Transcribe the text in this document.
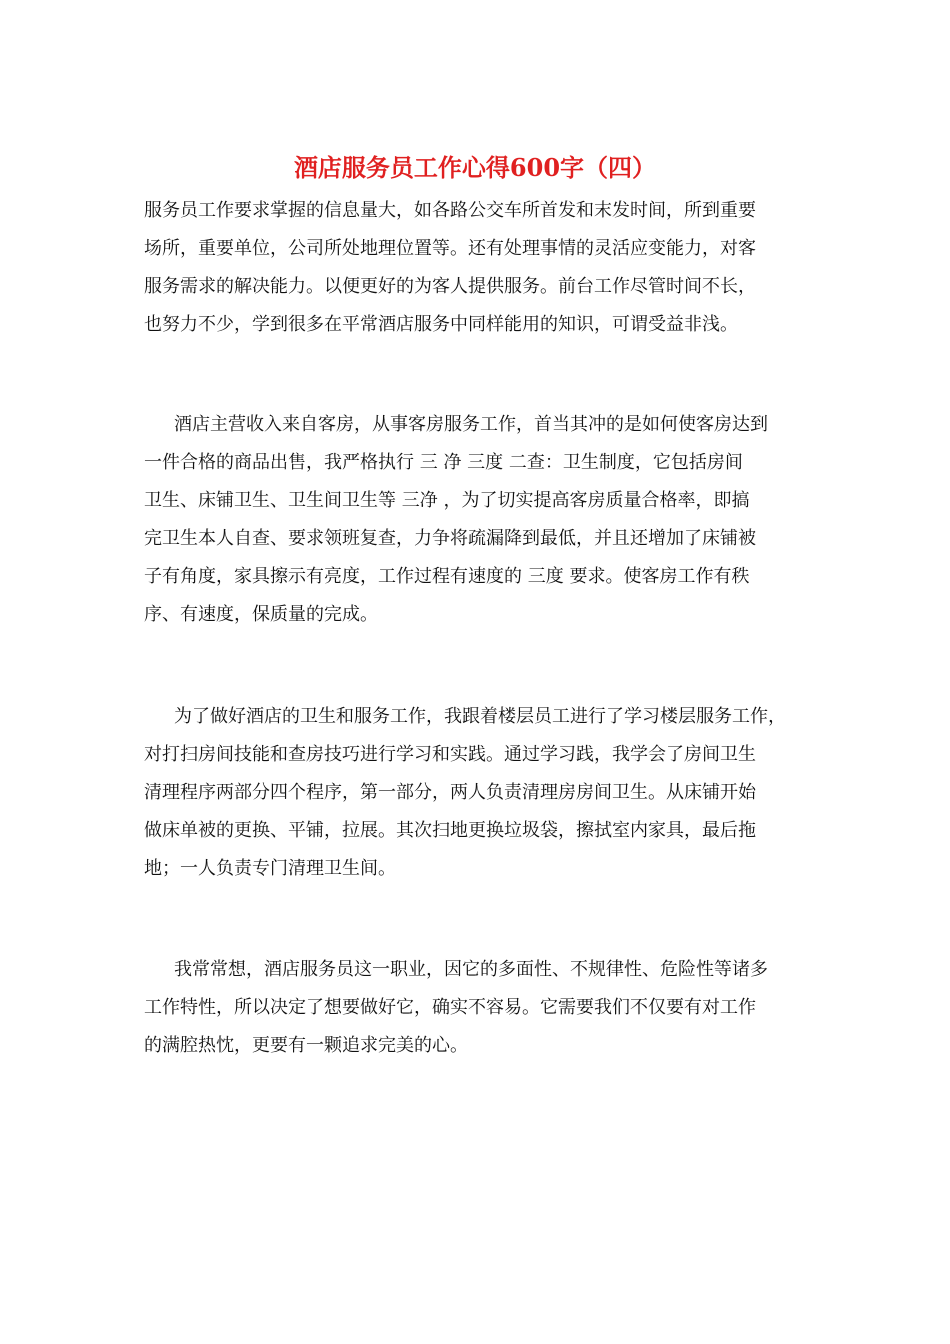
酒店服务员工作心得600字（四）
服务员工作要求掌握的信息量大，如各路公交车所首发和末发时间，所到重要
场所，重要单位，公司所处地理位置等。还有处理事情的灵活应变能力，对客
服务需求的解决能力。以便更好的为客人提供服务。前台工作尽管时间不长，
也努力不少，学到很多在平常酒店服务中同样能用的知识，可谓受益非浅。
酒店主营收入来自客房，从事客房服务工作，首当其冲的是如何使客房达到
一件合格的商品出售，我严格执行 三 净 三度 二查：卫生制度，它包括房间
卫生、床铺卫生、卫生间卫生等 三净 ，为了切实提高客房质量合格率，即搞
完卫生本人自查、要求领班复查，力争将疏漏降到最低，并且还增加了床铺被
子有角度，家具擦示有亮度，工作过程有速度的 三度 要求。使客房工作有秩
序、有速度，保质量的完成。
为了做好酒店的卫生和服务工作，我跟着楼层员工进行了学习楼层服务工作，
对打扫房间技能和查房技巧进行学习和实践。通过学习践，我学会了房间卫生
清理程序两部分四个程序，第一部分，两人负责清理房房间卫生。从床铺开始
做床单被的更换、平铺，拉展。其次扫地更换垃圾袋，擦拭室内家具，最后拖
地；一人负责专门清理卫生间。
我常常想，酒店服务员这一职业，因它的多面性、不规律性、危险性等诸多
工作特性，所以决定了想要做好它，确实不容易。它需要我们不仅要有对工作
的满腔热忱，更要有一颗追求完美的心。
